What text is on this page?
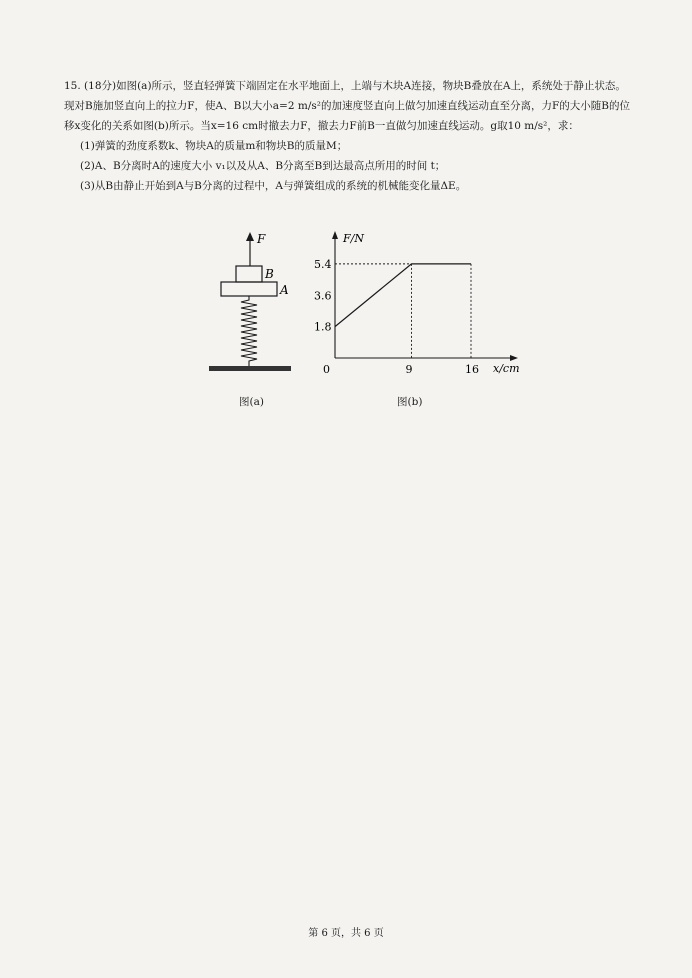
15. (18分)如图(a)所示，竖直轻弹簧下端固定在水平地面上，上端与木块A连接，物块B叠放在A上，系统处于静止状态。现对B施加竖直向上的拉力F，使A、B以大小a=2 m/s²的加速度竖直向上做匀加速直线运动直至分离，力F的大小随B的位移x变化的关系如图(b)所示。当x=16 cm时撤去力F，撤去力F前B一直做匀加速直线运动。g取10 m/s²，求：

(1)弹簧的劲度系数k、物块A的质量m和物块B的质量M；

(2)A、B分离时A的速度大小 v₁以及从A、B分离至B到达最高点所用的时间 t；

(3)从B由静止开始到A与B分离的过程中，A与弹簧组成的系统的机械能变化量ΔE。

F
B
A
图(a)
F/N
x/cm
0	9	16
1.8
3.6
5.4
图(b)
第 6 页，共 6 页
